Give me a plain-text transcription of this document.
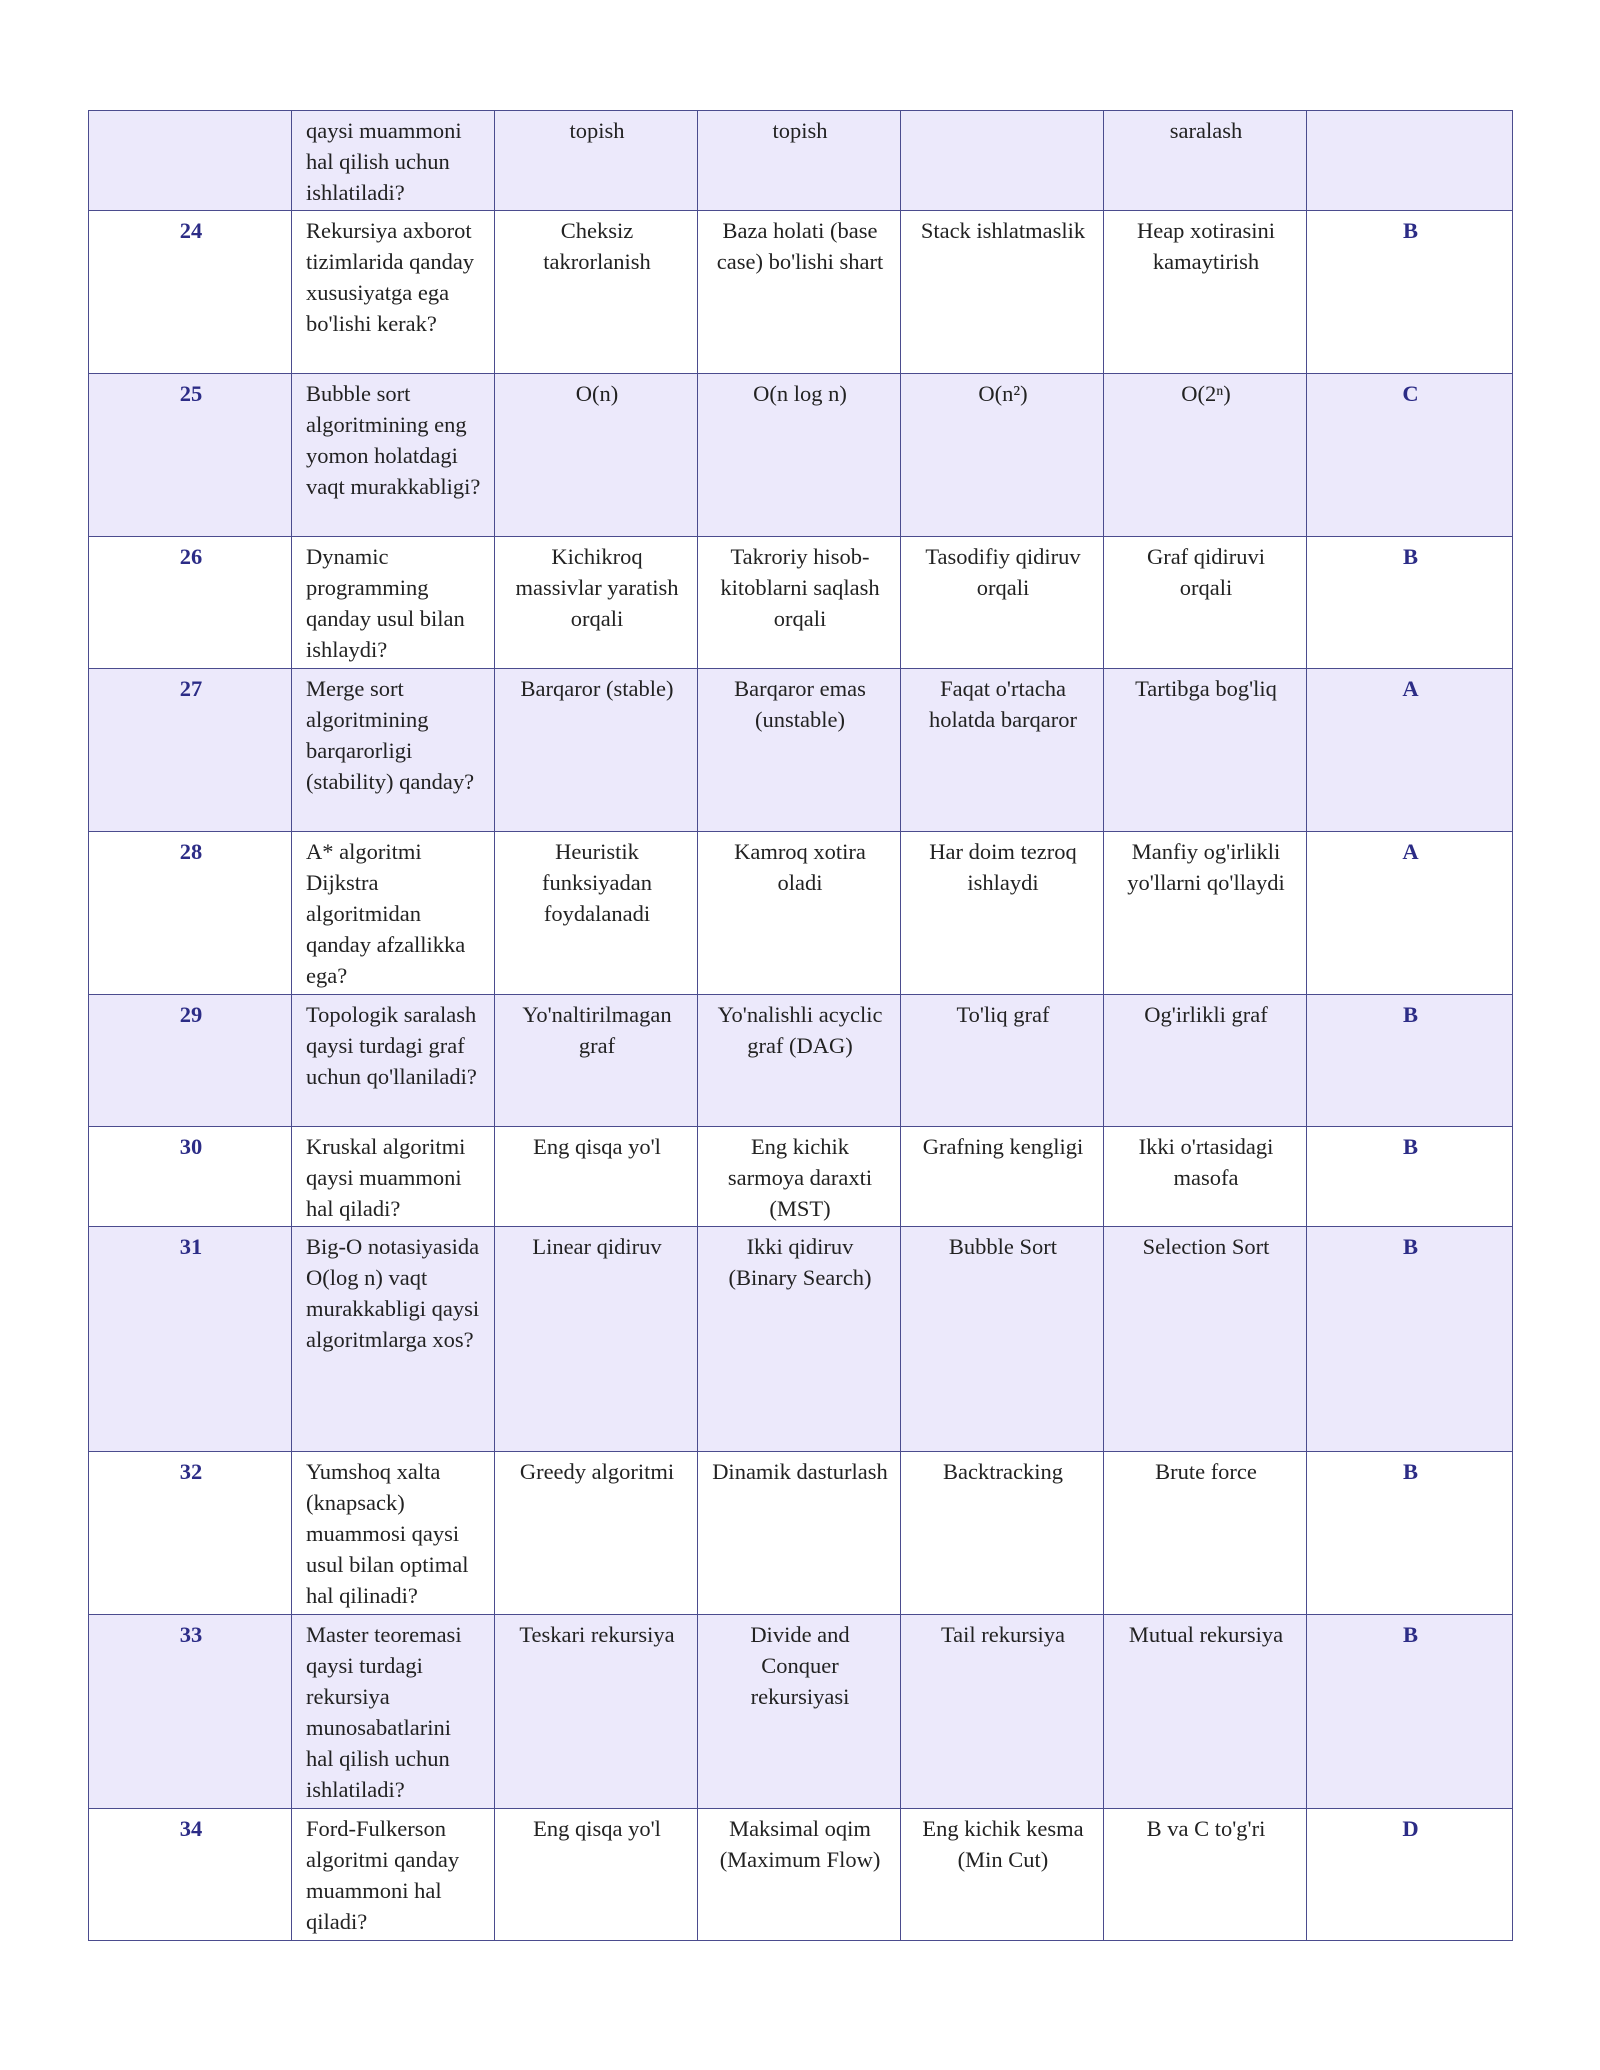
	qaysi muammoni hal qilish uchun ishlatiladi?	topish	topish		saralash	
24	Rekursiya axborot tizimlarida qanday xususiyatga ega bo'lishi kerak?	Cheksiz takrorlanish	Baza holati (base case) bo'lishi shart	Stack ishlatmaslik	Heap xotirasini kamaytirish	B
25	Bubble sort algoritmining eng yomon holatdagi vaqt murakkabligi?	O(n)	O(n log n)	O(n²)	O(2ⁿ)	C
26	Dynamic programming qanday usul bilan ishlaydi?	Kichikroq massivlar yaratish orqali	Takroriy hisob-kitoblarni saqlash orqali	Tasodifiy qidiruv orqali	Graf qidiruvi orqali	B
27	Merge sort algoritmining barqarorligi (stability) qanday?	Barqaror (stable)	Barqaror emas (unstable)	Faqat o'rtacha holatda barqaror	Tartibga bog'liq	A
28	A* algoritmi Dijkstra algoritmidan qanday afzallikka ega?	Heuristik funksiyadan foydalanadi	Kamroq xotira oladi	Har doim tezroq ishlaydi	Manfiy og'irlikli yo'llarni qo'llaydi	A
29	Topologik saralash qaysi turdagi graf uchun qo'llaniladi?	Yo'naltirilmagan graf	Yo'nalishli acyclic graf (DAG)	To'liq graf	Og'irlikli graf	B
30	Kruskal algoritmi qaysi muammoni hal qiladi?	Eng qisqa yo'l	Eng kichik sarmoya daraxti (MST)	Grafning kengligi	Ikki o'rtasidagi masofa	B
31	Big-O notasiyasida O(log n) vaqt murakkabligi qaysi algoritmlarga xos?	Linear qidiruv	Ikki qidiruv (Binary Search)	Bubble Sort	Selection Sort	B
32	Yumshoq xalta (knapsack) muammosi qaysi usul bilan optimal hal qilinadi?	Greedy algoritmi	Dinamik dasturlash	Backtracking	Brute force	B
33	Master teoremasi qaysi turdagi rekursiya munosabatlarini hal qilish uchun ishlatiladi?	Teskari rekursiya	Divide and Conquer rekursiyasi	Tail rekursiya	Mutual rekursiya	B
34	Ford-Fulkerson algoritmi qanday muammoni hal qiladi?	Eng qisqa yo'l	Maksimal oqim (Maximum Flow)	Eng kichik kesma (Min Cut)	B va C to'g'ri	D
